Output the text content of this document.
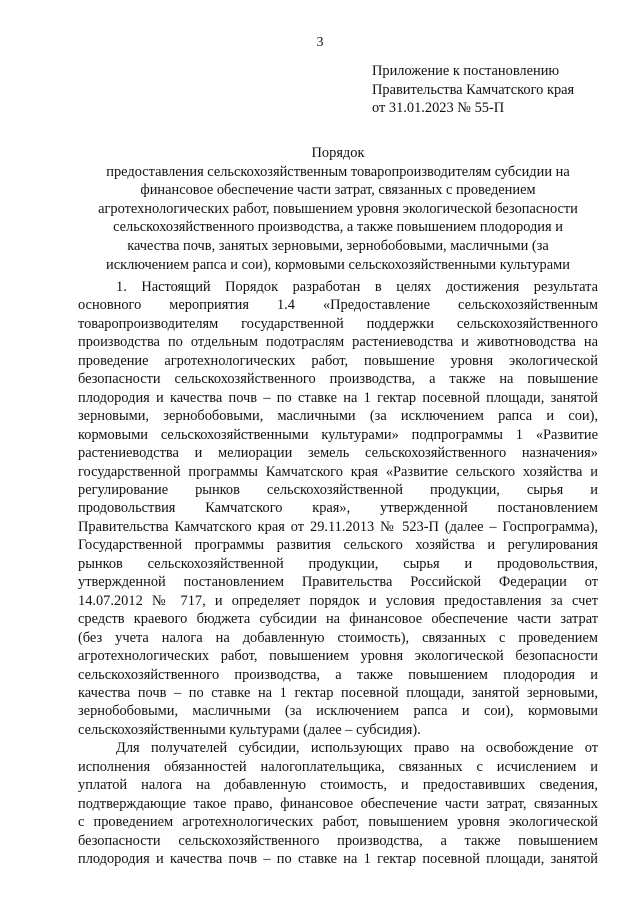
3
Приложение к постановлению
Правительства Камчатского края
от 31.01.2023 № 55-П
Порядок
предоставления сельскохозяйственным товаропроизводителям субсидии на
финансовое обеспечение части затрат, связанных с проведением
агротехнологических работ, повышением уровня экологической безопасности
сельскохозяйственного производства, а также повышением плодородия и
качества почв, занятых зерновыми, зернобобовыми, масличными (за
исключением рапса и сои), кормовыми сельскохозяйственными культурами

1. Настоящий Порядок разработан в целях достижения результата
основного мероприятия 1.4 «Предоставление сельскохозяйственным
товаропроизводителям государственной поддержки сельскохозяйственного
производства по отдельным подотраслям растениеводства и животноводства на
проведение агротехнологических работ, повышение уровня экологической
безопасности сельскохозяйственного производства, а также на повышение
плодородия и качества почв – по ставке на 1 гектар посевной площади, занятой
зерновыми, зернобобовыми, масличными (за исключением рапса и сои),
кормовыми сельскохозяйственными культурами» подпрограммы 1 «Развитие
растениеводства и мелиорации земель сельскохозяйственного назначения»
государственной программы Камчатского края «Развитие сельского хозяйства и
регулирование рынков сельскохозяйственной продукции, сырья и
продовольствия Камчатского края», утвержденной постановлением
Правительства Камчатского края от 29.11.2013 № 523-П (далее – Госпрограмма),
Государственной программы развития сельского хозяйства и регулирования
рынков сельскохозяйственной продукции, сырья и продовольствия,
утвержденной постановлением Правительства Российской Федерации от
14.07.2012 № 717, и определяет порядок и условия предоставления за счет
средств краевого бюджета субсидии на финансовое обеспечение части затрат
(без учета налога на добавленную стоимость), связанных с проведением
агротехнологических работ, повышением уровня экологической безопасности
сельскохозяйственного производства, а также повышением плодородия и
качества почв – по ставке на 1 гектар посевной площади, занятой зерновыми,
зернобобовыми, масличными (за исключением рапса и сои), кормовыми
сельскохозяйственными культурами (далее – субсидия).

Для получателей субсидии, использующих право на освобождение от
исполнения обязанностей налогоплательщика, связанных с исчислением и
уплатой налога на добавленную стоимость, и предоставивших сведения,
подтверждающие такое право, финансовое обеспечение части затрат, связанных
с проведением агротехнологических работ, повышением уровня экологической
безопасности сельскохозяйственного производства, а также повышением
плодородия и качества почв – по ставке на 1 гектар посевной площади, занятой
